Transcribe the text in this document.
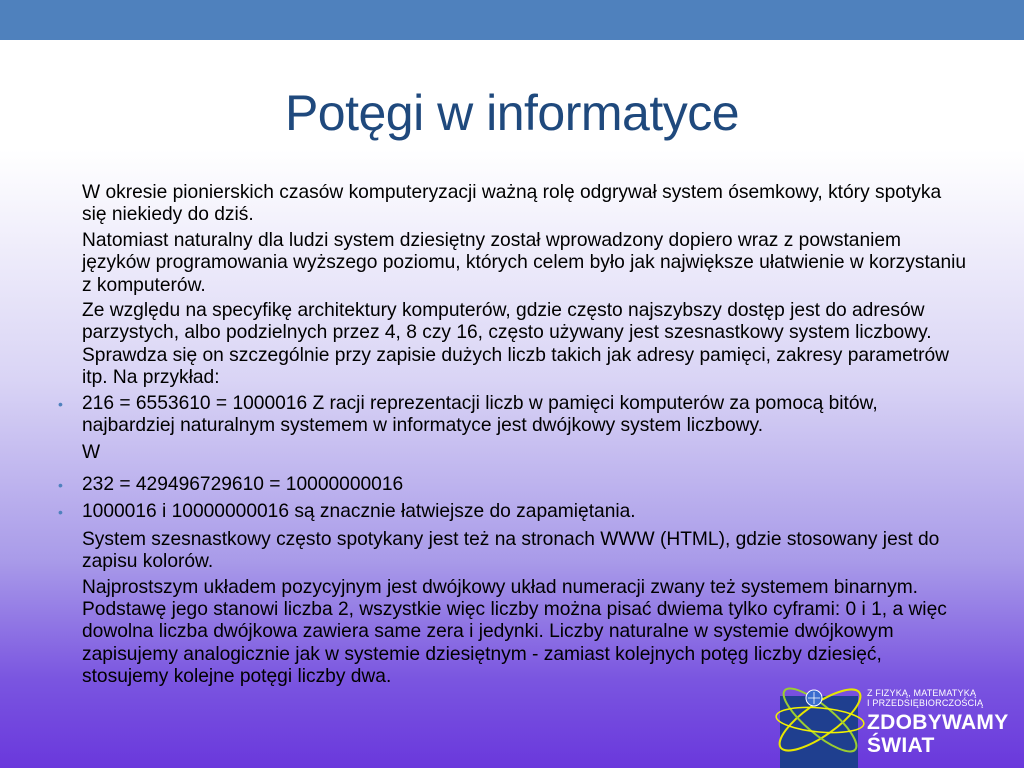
Potęgi w informatyce

W okresie pionierskich czasów komputeryzacji ważną rolę odgrywał system ósemkowy, który spotyka się niekiedy do dziś.

Natomiast naturalny dla ludzi system dziesiętny został wprowadzony dopiero wraz z powstaniem języków programowania wyższego poziomu, których celem było jak największe ułatwienie w korzystaniu z komputerów.

Ze względu na specyfikę architektury komputerów, gdzie często najszybszy dostęp jest do adresów parzystych, albo podzielnych przez 4, 8 czy 16, często używany jest szesnastkowy system liczbowy. Sprawdza się on szczególnie przy zapisie dużych liczb takich jak adresy pamięci, zakresy parametrów itp. Na przykład:

• 216 = 6553610 = 1000016 Z racji reprezentacji liczb w pamięci komputerów za pomocą bitów, najbardziej naturalnym systemem w informatyce jest dwójkowy system liczbowy.

W

• 232 = 429496729610 = 10000000016

• 1000016 i 10000000016 są znacznie łatwiejsze do zapamiętania.

System szesnastkowy często spotykany jest też na stronach WWW (HTML), gdzie stosowany jest do zapisu kolorów.

Najprostszym układem pozycyjnym jest dwójkowy układ numeracji zwany też systemem binarnym. Podstawę jego stanowi liczba 2, wszystkie więc liczby można pisać dwiema tylko cyframi: 0 i 1, a więc dowolna liczba dwójkowa zawiera same zera i jedynki. Liczby naturalne w systemie dwójkowym zapisujemy analogicznie jak w systemie dziesiętnym - zamiast kolejnych potęg liczby dziesięć, stosujemy kolejne potęgi liczby dwa.

Z FIZYKĄ, MATEMATYKĄ
I PRZEDSIĘBIORCZOŚCIĄ
ZDOBYWAMY
ŚWIAT
